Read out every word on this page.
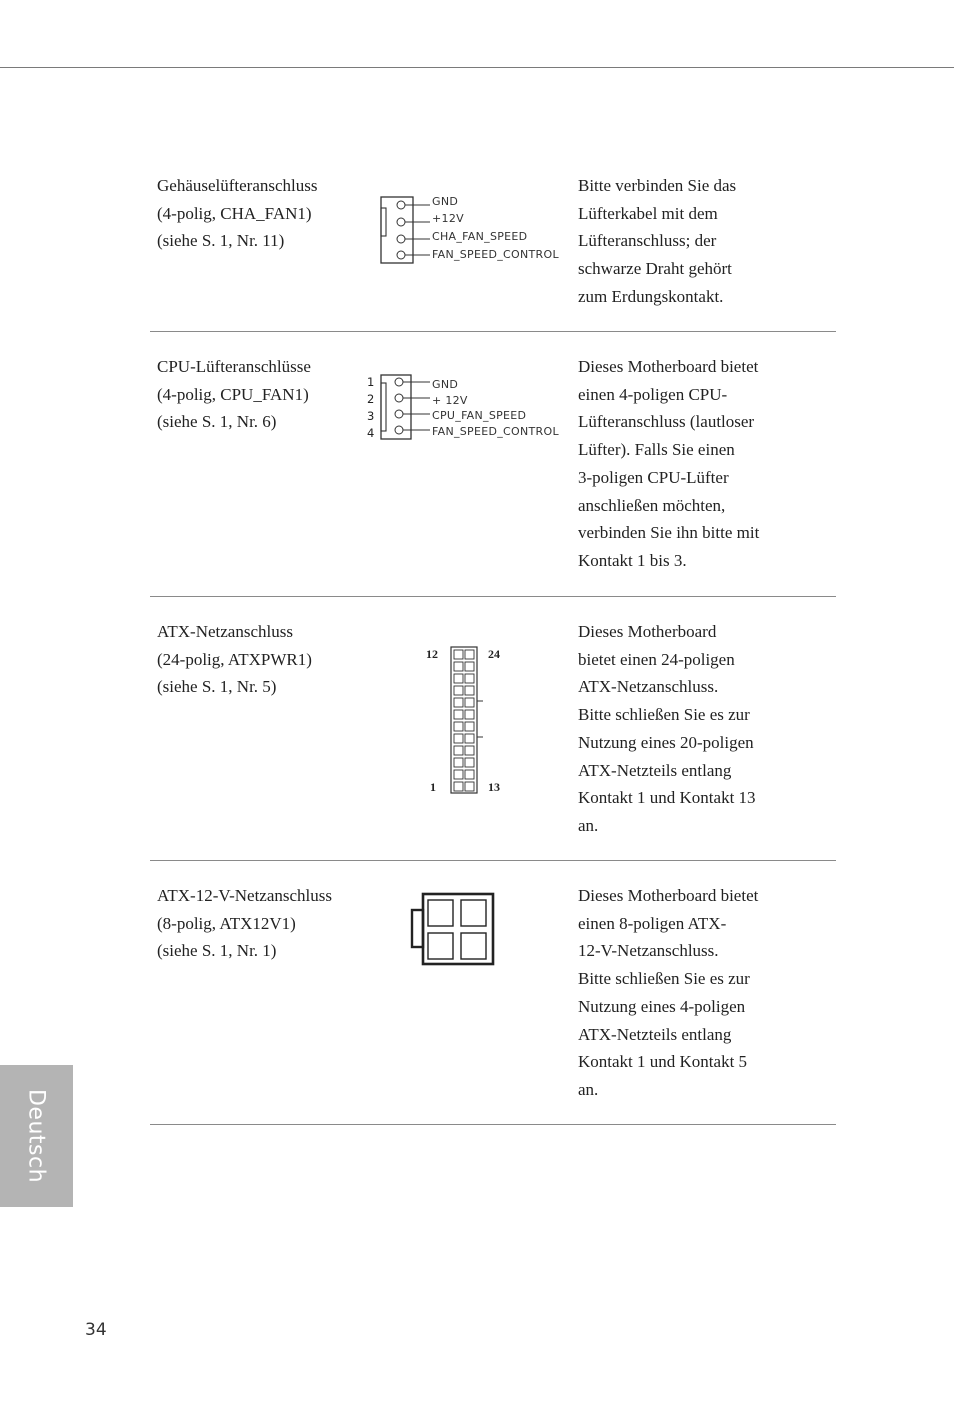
Gehäuselüfteranschluss
(4-polig, CHA_FAN1)
(siehe S. 1, Nr. 11)
GND
+12V
CHA_FAN_SPEED
FAN_SPEED_CONTROL
Bitte verbinden Sie das
Lüfterkabel mit dem
Lüfteranschluss; der
schwarze Draht gehört
zum Erdungskontakt.
CPU-Lüfteranschlüsse
(4-polig, CPU_FAN1)
(siehe S. 1, Nr. 6)
1
2
3
4
GND
+ 12V
CPU_FAN_SPEED
FAN_SPEED_CONTROL
Dieses Motherboard bietet
einen 4-poligen CPU-
Lüfteranschluss (lautloser
Lüfter). Falls Sie einen
3-poligen CPU-Lüfter
anschließen möchten,
verbinden Sie ihn bitte mit
Kontakt 1 bis 3.
ATX-Netzanschluss
(24-polig, ATXPWR1)
(siehe S. 1, Nr. 5)
12	24
1	13
Dieses Motherboard
bietet einen 24-poligen
ATX-Netzanschluss.
Bitte schließen Sie es zur
Nutzung eines 20-poligen
ATX-Netzteils entlang
Kontakt 1 und Kontakt 13
an.
ATX-12-V-Netzanschluss
(8-polig, ATX12V1)
(siehe S. 1, Nr. 1)
Dieses Motherboard bietet
einen 8-poligen ATX-
12-V-Netzanschluss.
Bitte schließen Sie es zur
Nutzung eines 4-poligen
ATX-Netzteils entlang
Kontakt 1 und Kontakt 5
an.
Deutsch
34
